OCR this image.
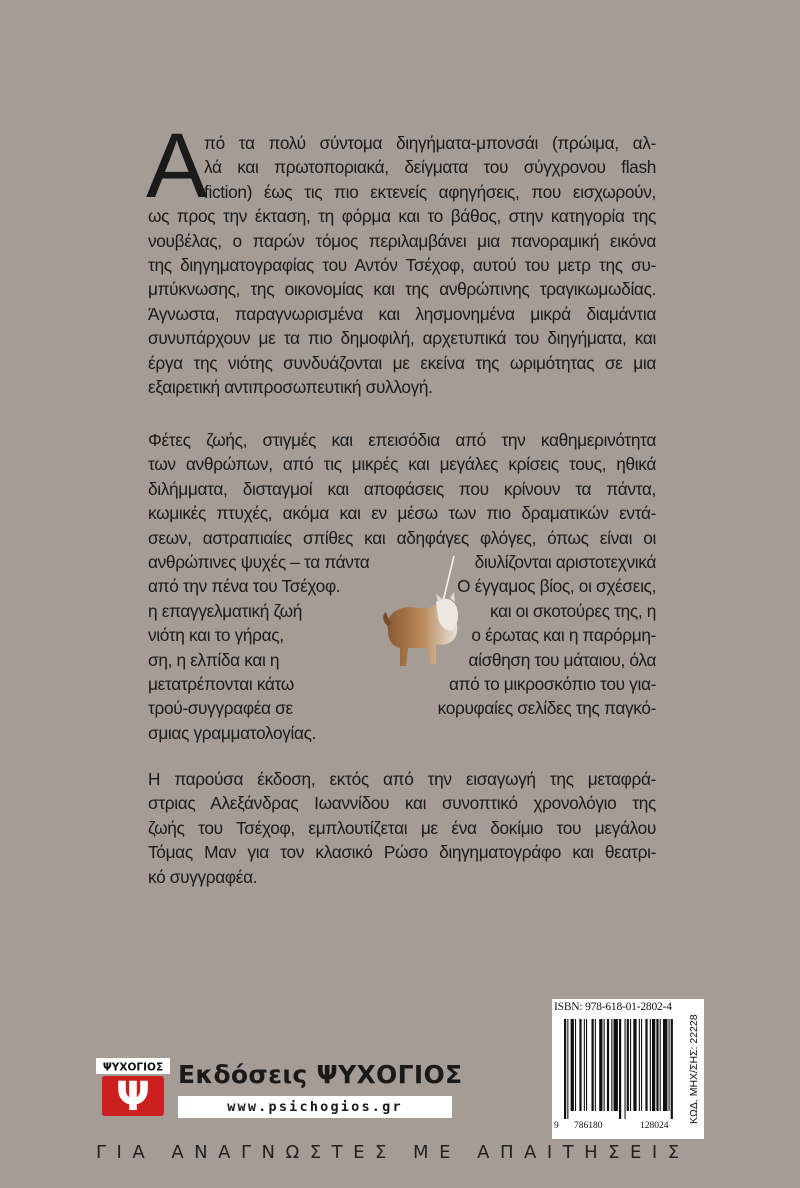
Α
πό τα πολύ σύντομα διηγήματα-μπονσάι (πρώιμα, αλ-
λά και πρωτοποριακά, δείγματα του σύγχρονου flash
fiction) έως τις πιο εκτενείς αφηγήσεις, που εισχωρούν,
ως προς την έκταση, τη φόρμα και το βάθος, στην κατηγορία της
νουβέλας, ο παρών τόμος περιλαμβάνει μια πανοραμική εικόνα
της διηγηματογραφίας του Αντόν Τσέχοφ, αυτού του μετρ της συ-
μπύκνωσης, της οικονομίας και της ανθρώπινης τραγικωμωδίας.
Άγνωστα, παραγνωρισμένα και λησμονημένα μικρά διαμάντια
συνυπάρχουν με τα πιο δημοφιλή, αρχετυπικά του διηγήματα, και
έργα της νιότης συνδυάζονται με εκείνα της ωριμότητας σε μια
εξαιρετική αντιπροσωπευτική συλλογή.
Φέτες ζωής, στιγμές και επεισόδια από την καθημερινότητα
των ανθρώπων, από τις μικρές και μεγάλες κρίσεις τους, ηθικά
διλήμματα, δισταγμοί και αποφάσεις που κρίνουν τα πάντα,
κωμικές πτυχές, ακόμα και εν μέσω των πιο δραματικών εντά-
σεων, αστραπιαίες σπίθες και αδηφάγες φλόγες, όπως είναι οι
ανθρώπινες ψυχές – τα πάντα	διυλίζονται αριστοτεχνικά
από την πένα του Τσέχοφ.	Ο έγγαμος βίος, οι σχέσεις,
η επαγγελματική ζωή	και οι σκοτούρες της, η
νιότη και το γήρας,	ο έρωτας και η παρόρμη-
ση, η ελπίδα και η	αίσθηση του μάταιου, όλα
μετατρέπονται κάτω	από το μικροσκόπιο του για-
τρού-συγγραφέα σε	κορυφαίες σελίδες της παγκό-
σμιας γραμματολογίας.
Η παρούσα έκδοση, εκτός από την εισαγωγή της μεταφρά-
στριας Αλεξάνδρας Ιωαννίδου και συνοπτικό χρονολόγιο της
ζωής του Τσέχοφ, εμπλουτίζεται με ένα δοκίμιο του μεγάλου
Τόμας Μαν για τον κλασικό Ρώσο διηγηματογράφο και θεατρι-
κό συγγραφέα.
ISBN: 978-618-01-2802-4
9 786180	128024
ΚΩΔ. ΜΗΧ/ΣΗΣ: 22228
ΨΥΧΟΓΙΟΣ
Ψ Εκδόσεις ΨΥΧΟΓΙΟΣ
www.psichogios.gr
ΓΙΑ ΑΝΑΓΝΩΣΤΕΣ ΜΕ ΑΠΑΙΤΗΣΕΙΣ
